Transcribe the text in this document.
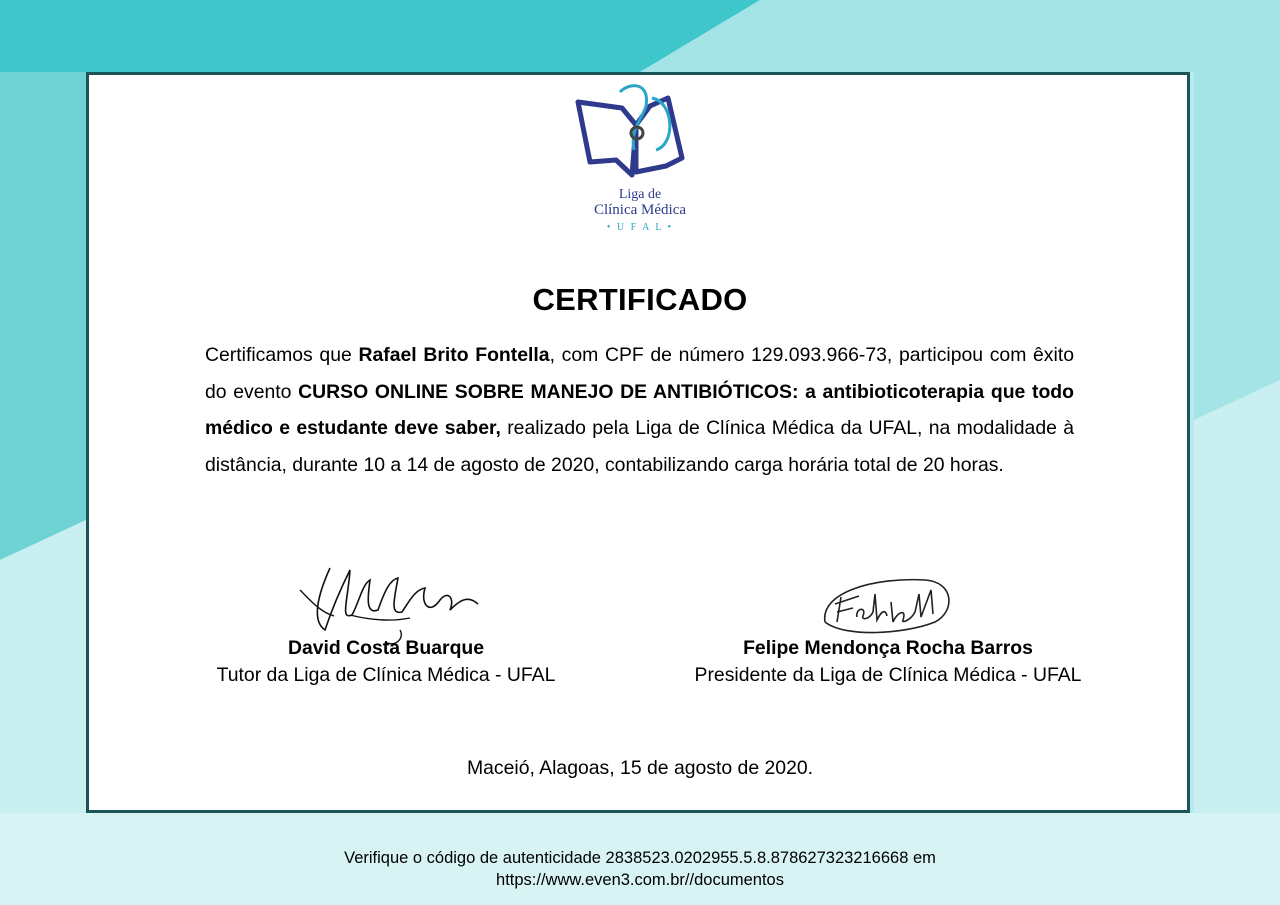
Liga de
Clínica Médica
• U F A L •
CERTIFICADO

Certificamos que Rafael Brito Fontella, com CPF de número 129.093.966-73, participou com êxito do evento CURSO ONLINE SOBRE MANEJO DE ANTIBIÓTICOS: a antibioticoterapia que todo médico e estudante deve saber, realizado pela Liga de Clínica Médica da UFAL, na modalidade à distância, durante 10 a 14 de agosto de 2020, contabilizando carga horária total de 20 horas.

David Costa Buarque
Tutor da Liga de Clínica Médica - UFAL
Felipe Mendonça Rocha Barros
Presidente da Liga de Clínica Médica - UFAL
Maceió, Alagoas, 15 de agosto de 2020.
Verifique o código de autenticidade 2838523.0202955.5.8.878627323216668 em
https://www.even3.com.br//documentos
